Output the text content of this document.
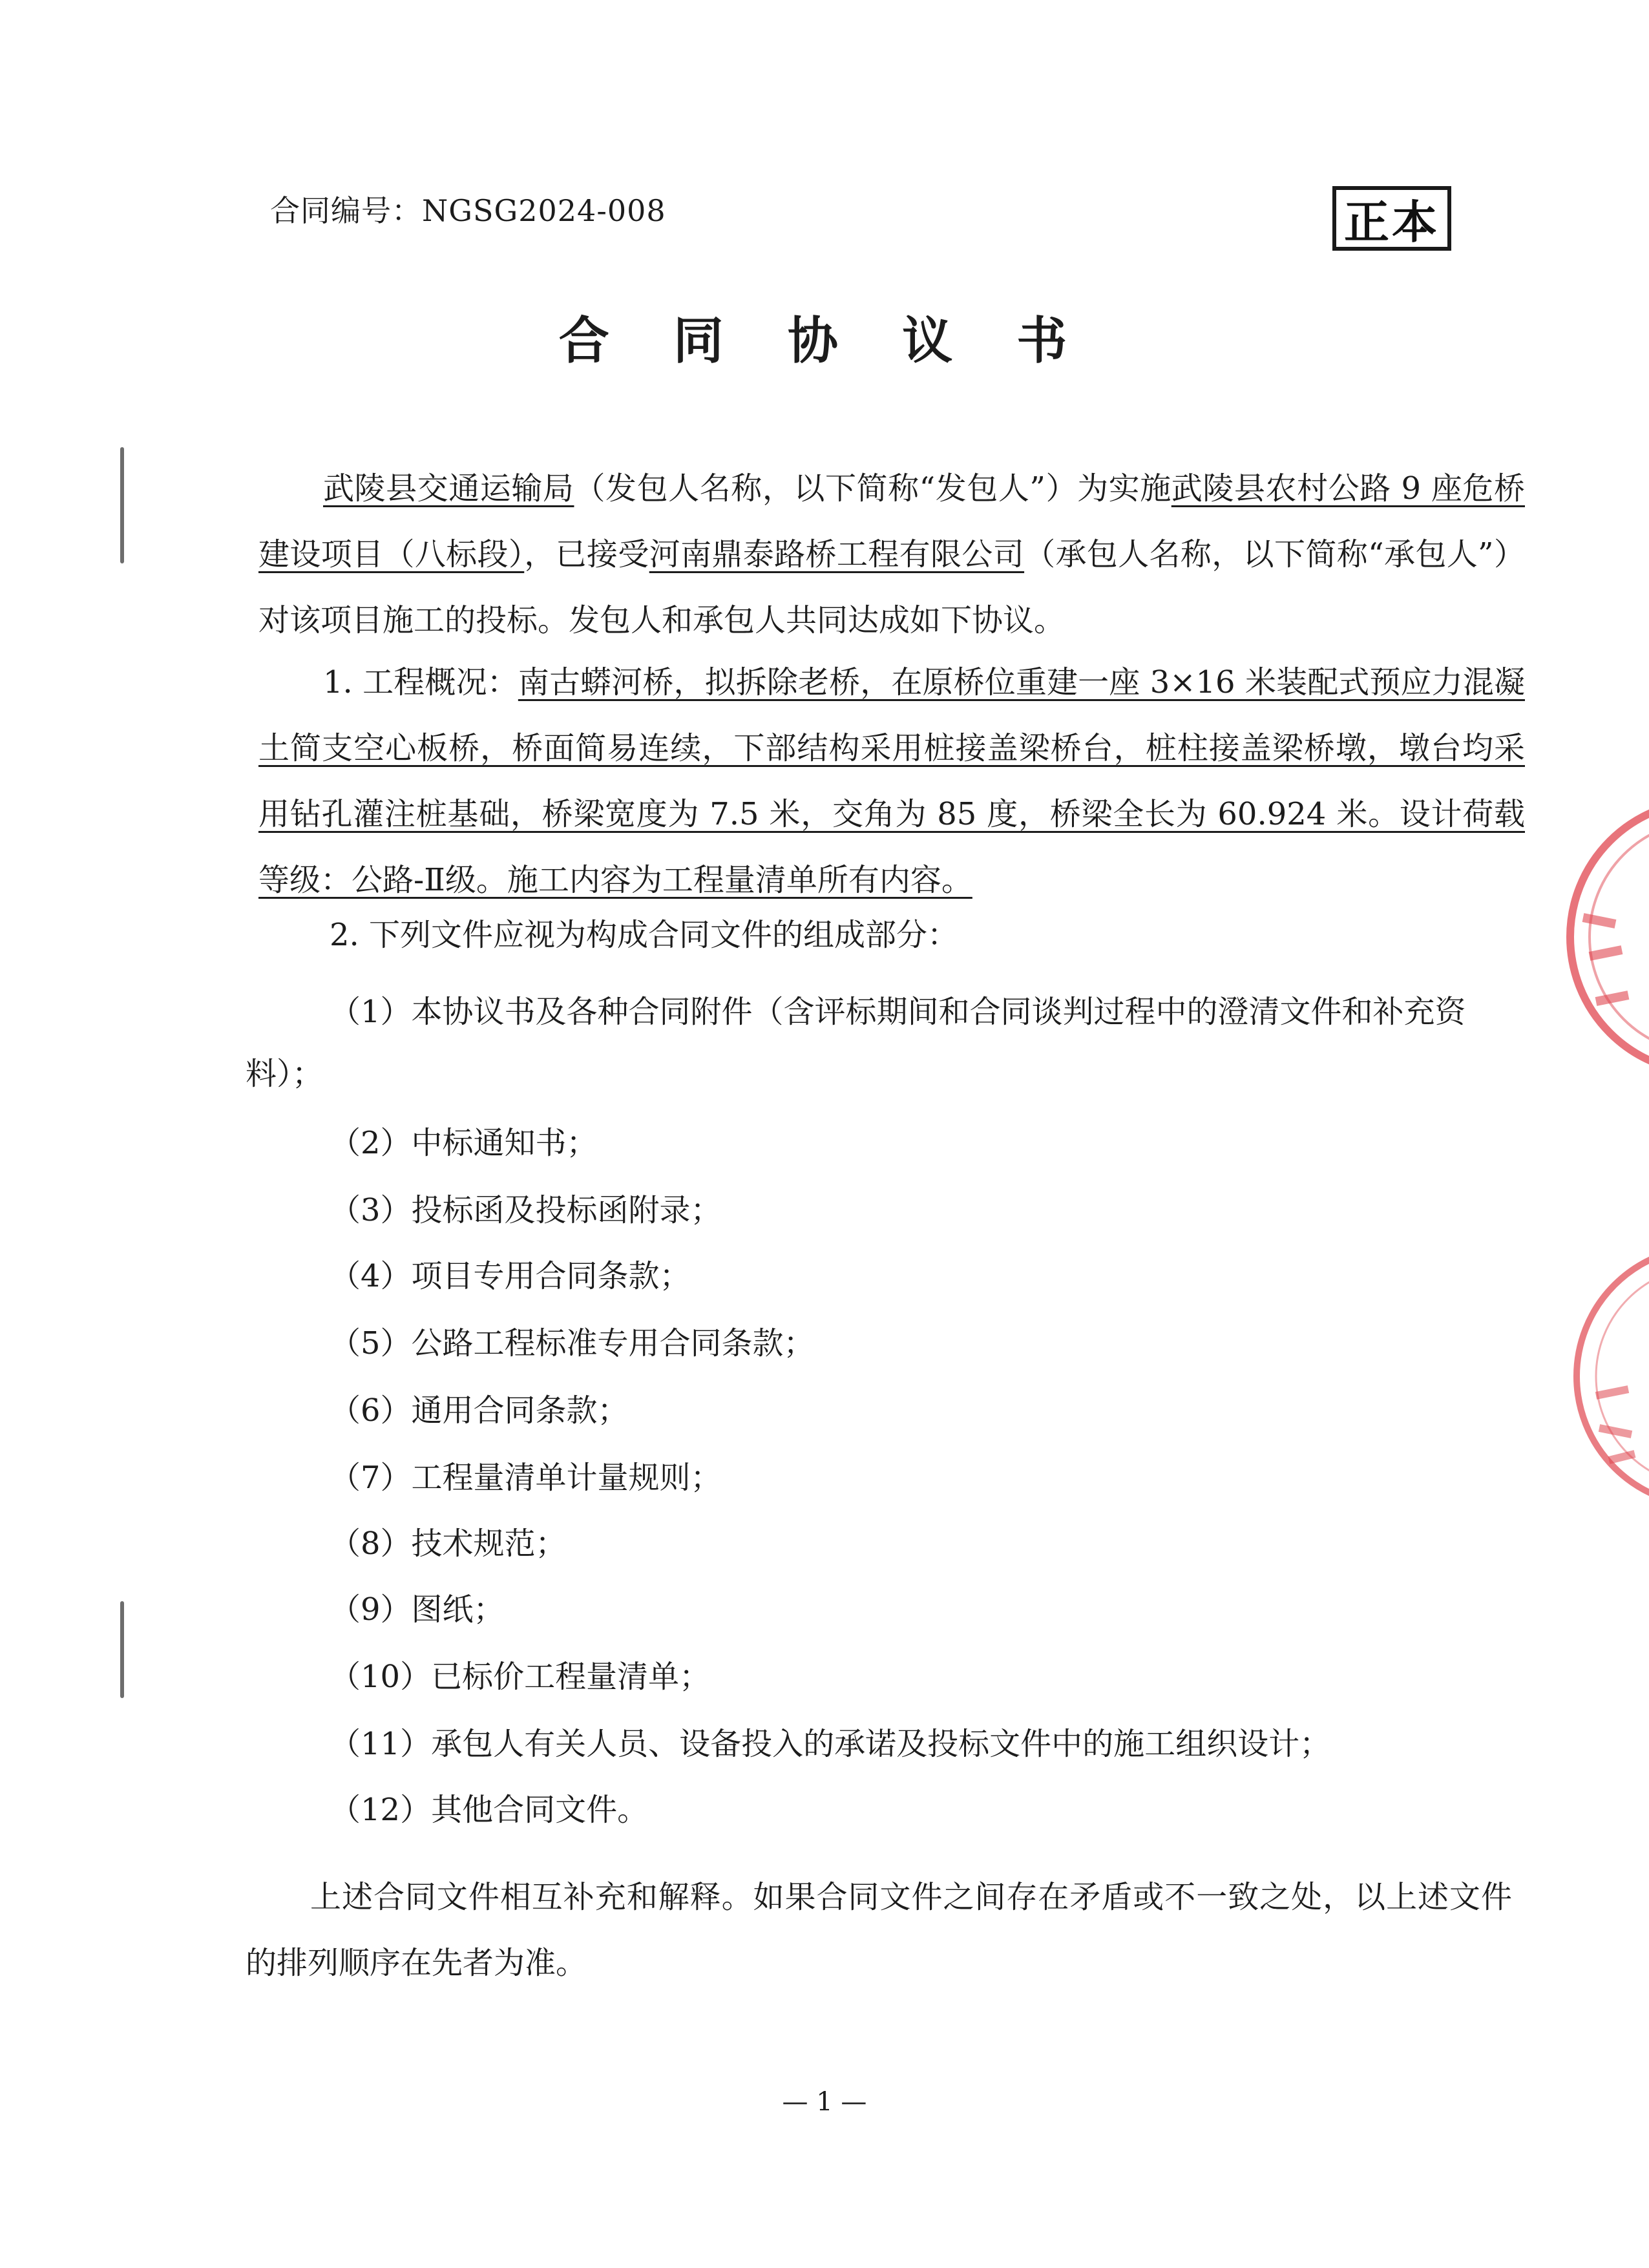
合同编号：NGSG2024-008	正本
合 同 协 议 书

武陵县交通运输局（发包人名称，以下简称“发包人”）为实施武陵县农村公路 9 座危桥建设项目（八标段），已接受河南鼎泰路桥工程有限公司（承包人名称，以下简称“承包人”）对该项目施工的投标。发包人和承包人共同达成如下协议。

1. 工程概况：南古蟒河桥，拟拆除老桥，在原桥位重建一座 3×16 米装配式预应力混凝土简支空心板桥，桥面简易连续，下部结构采用桩接盖梁桥台，桩柱接盖梁桥墩，墩台均采用钻孔灌注桩基础，桥梁宽度为 7.5 米，交角为 85 度，桥梁全长为 60.924 米。设计荷载等级：公路-Ⅱ级。施工内容为工程量清单所有内容。

2. 下列文件应视为构成合同文件的组成部分：
（1）本协议书及各种合同附件（含评标期间和合同谈判过程中的澄清文件和补充资料）；
（2）中标通知书；
（3）投标函及投标函附录；
（4）项目专用合同条款；
（5）公路工程标准专用合同条款；
（6）通用合同条款；
（7）工程量清单计量规则；
（8）技术规范；
（9）图纸；
（10）已标价工程量清单；
（11）承包人有关人员、设备投入的承诺及投标文件中的施工组织设计；
（12）其他合同文件。

上述合同文件相互补充和解释。如果合同文件之间存在矛盾或不一致之处，以上述文件的排列顺序在先者为准。

— 1 —
